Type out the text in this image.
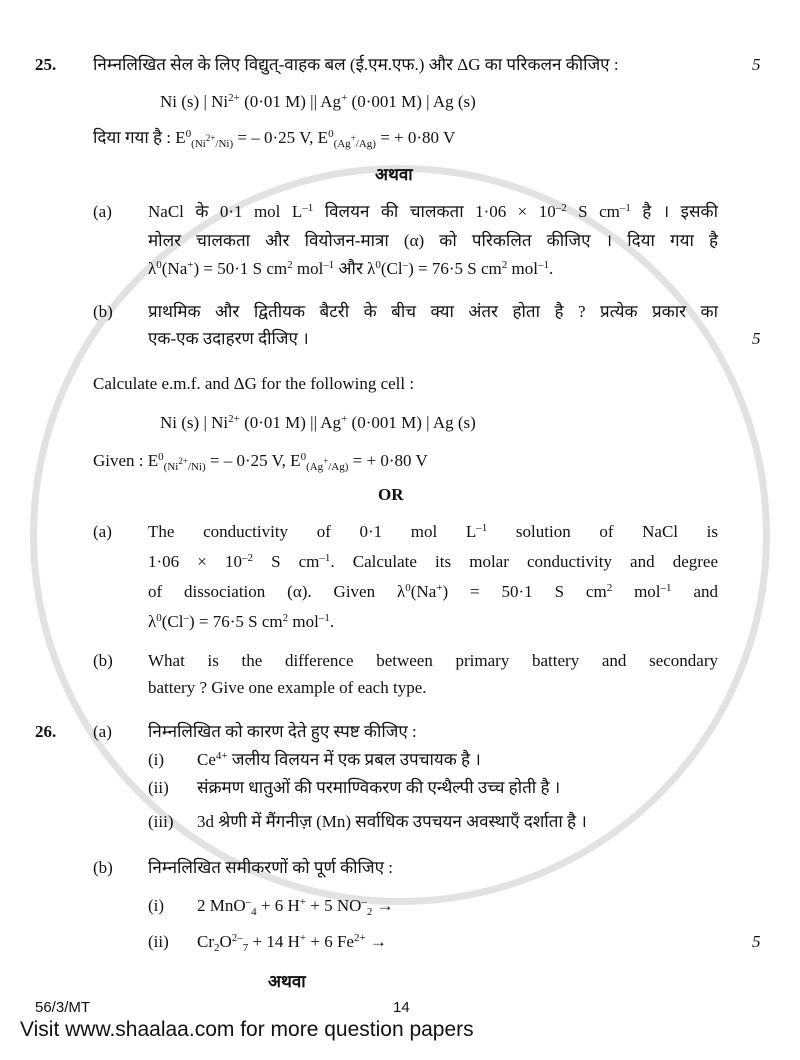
25.	5
निम्नलिखित सेल के लिए विद्युत्-वाहक बल (ई.एम.एफ.) और ΔG का परिकलन कीजिए :
Ni (s) | $Ni^{2+}$ (0·01 M) || Ag+ (0·001 M) | Ag (s)
दिया गया है : $E^0_{(Ni2+/Ni)}$ = – 0·25 V, $E^0_{(Ag+/Ag)}$ = + 0·80 V
अथवा
(a) NaCl के 0·1 mol $L^{-1}$ विलयन की चालकता $1\cdot 06 \times 10^{-2}$ S $cm^{-1}$ है । इसकी
मोलर चालकता और वियोजन-मात्रा (α) को परिकलित कीजिए । दिया गया है
$\lambda^0(Na^+) = 50\cdot 1$ S $cm^2$ mol$^{-1}$ और $\lambda^0(Cl^-) = 76\cdot 5$ S $cm^2$ mol$^{-1}$.
(b) प्राथमिक और द्वितीयक बैटरी के बीच क्या अंतर होता है ? प्रत्येक प्रकार का
5
एक-एक उदाहरण दीजिए ।
Calculate e.m.f. and ΔG for the following cell :
Ni (s) | $Ni^{2+}$ (0·01 M) || Ag+ (0·001 M) | Ag (s)
Given : $E^0_{(Ni2+/Ni)}$ = – 0·25 V, $E^0_{(Ag+/Ag)}$ = + 0·80 V
OR
(a) The conductivity of 0·1 mol $L^{-1}$ solution of NaCl is
$1\cdot 06 \times 10^{-2}$ S $cm^{-1}$. Calculate its molar conductivity and degree
of dissociation (α). Given $\lambda^0(Na^+) = 50\cdot 1$ S $cm^2$ mol$^{-1}$ and
$\lambda^0(Cl^-) = 76\cdot 5$ S $cm^2$ mol$^{-1}$.
(b) What is the difference between primary battery and secondary
battery ? Give one example of each type.
26. (a) निम्नलिखित को कारण देते हुए स्पष्ट कीजिए :
(i) $Ce^{4+}$ जलीय विलयन में एक प्रबल उपचायक है ।
(ii) संक्रमण धातुओं की परमाण्विकरण की एन्थैल्पी उच्च होती है ।
(iii) 3d श्रेणी में मैंगनीज़ (Mn) सर्वाधिक उपचयन अवस्थाएँ दर्शाता है ।
(b) निम्नलिखित समीकरणों को पूर्ण कीजिए :
(i) 2 MnO–$_4$ + 6 H+ + 5 $NO^-_2$ →
(ii)	5
$Cr_2O^{2-}_7 + 14$ H+ + 6 $Fe^{2+}$ →
अथवा
56/3/MT	14
Visit www.shaalaa.com for more question papers
